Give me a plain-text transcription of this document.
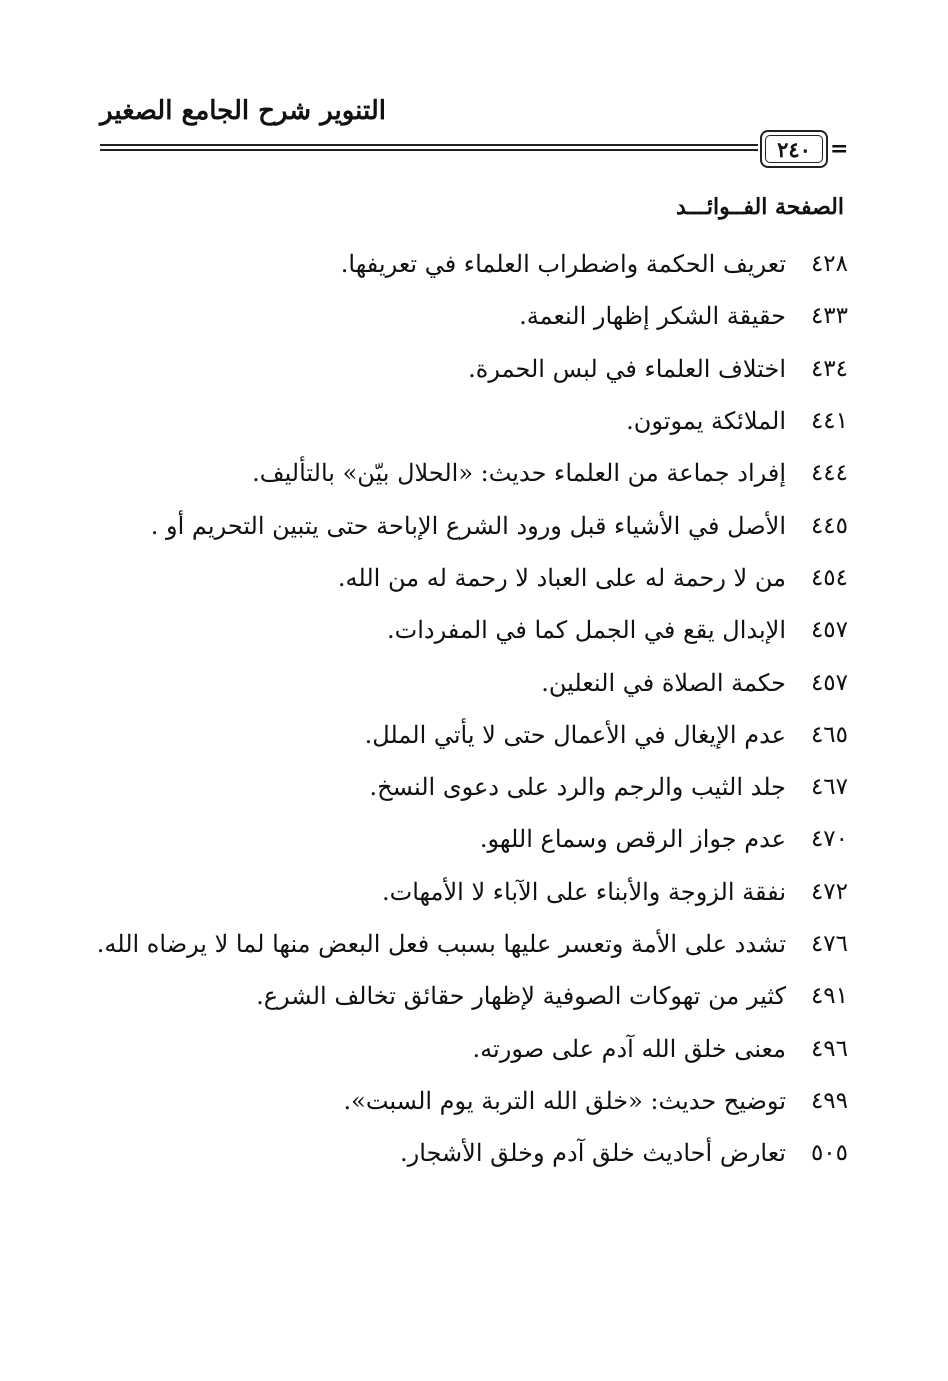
التنوير شرح الجامع الصغير
٢٤٠ =
الصفحة الفــوائـــد
٤٢٨
تعريف الحكمة واضطراب العلماء في تعريفها.
٤٣٣
حقيقة الشكر إظهار النعمة.
٤٣٤
اختلاف العلماء في لبس الحمرة.
٤٤١
الملائكة يموتون.
٤٤٤
إفراد جماعة من العلماء حديث: «الحلال بيّن» بالتأليف.
٤٤٥
الأصل في الأشياء قبل ورود الشرع الإباحة حتى يتبين التحريم أو .
٤٥٤
من لا رحمة له على العباد لا رحمة له من الله.
٤٥٧
الإبدال يقع في الجمل كما في المفردات.
٤٥٧
حكمة الصلاة في النعلين.
٤٦٥
عدم الإيغال في الأعمال حتى لا يأتي الملل.
٤٦٧
جلد الثيب والرجم والرد على دعوى النسخ.
٤٧٠
عدم جواز الرقص وسماع اللهو.
٤٧٢
نفقة الزوجة والأبناء على الآباء لا الأمهات.
٤٧٦
تشدد على الأمة وتعسر عليها بسبب فعل البعض منها لما لا يرضاه الله.
٤٩١
كثير من تهوكات الصوفية لإظهار حقائق تخالف الشرع.
٤٩٦
معنى خلق الله آدم على صورته.
٤٩٩
توضيح حديث: «خلق الله التربة يوم السبت».
٥٠٥
تعارض أحاديث خلق آدم وخلق الأشجار.
